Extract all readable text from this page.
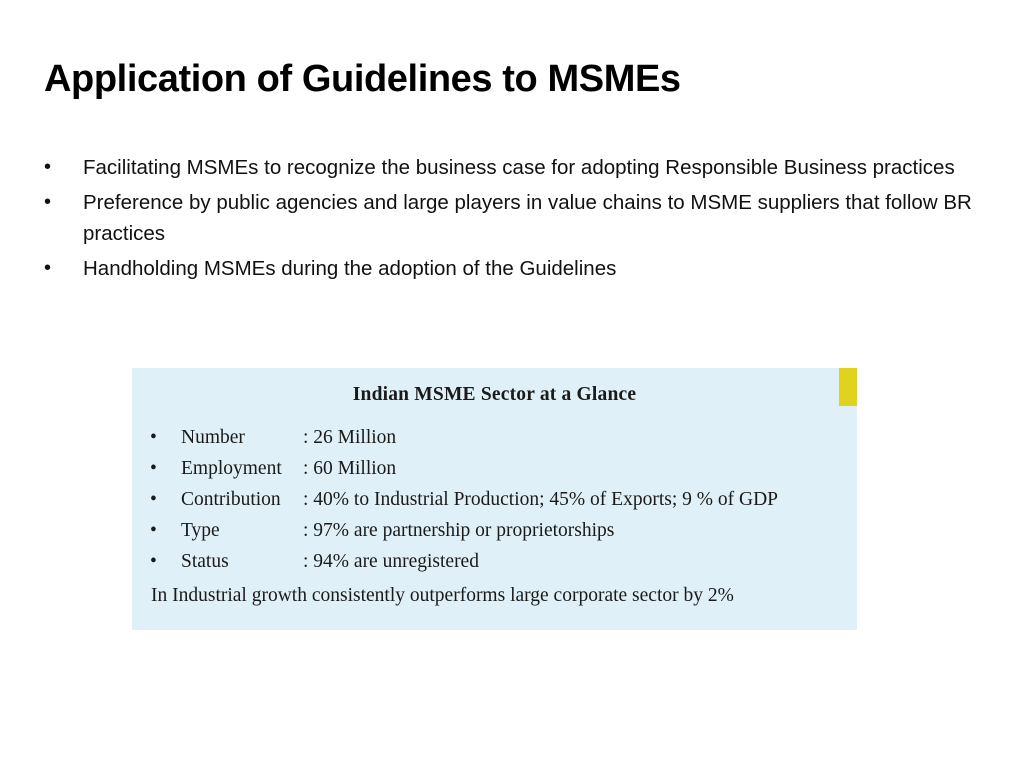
Application of Guidelines to MSMEs
• Facilitating MSMEs to recognize the business case for adopting Responsible Business practices
• Preference by public agencies and large players in value chains to MSME suppliers that follow BR practices
• Handholding MSMEs during the adoption of the Guidelines
Indian MSME Sector at a Glance
• Number	: 26 Million
• Employment : 60 Million
• Contribution : 40% to Industrial Production; 45% of Exports; 9 % of GDP
• Type	: 97% are partnership or proprietorships
• Status	: 94% are unregistered
In Industrial growth consistently outperforms large corporate sector by 2%
